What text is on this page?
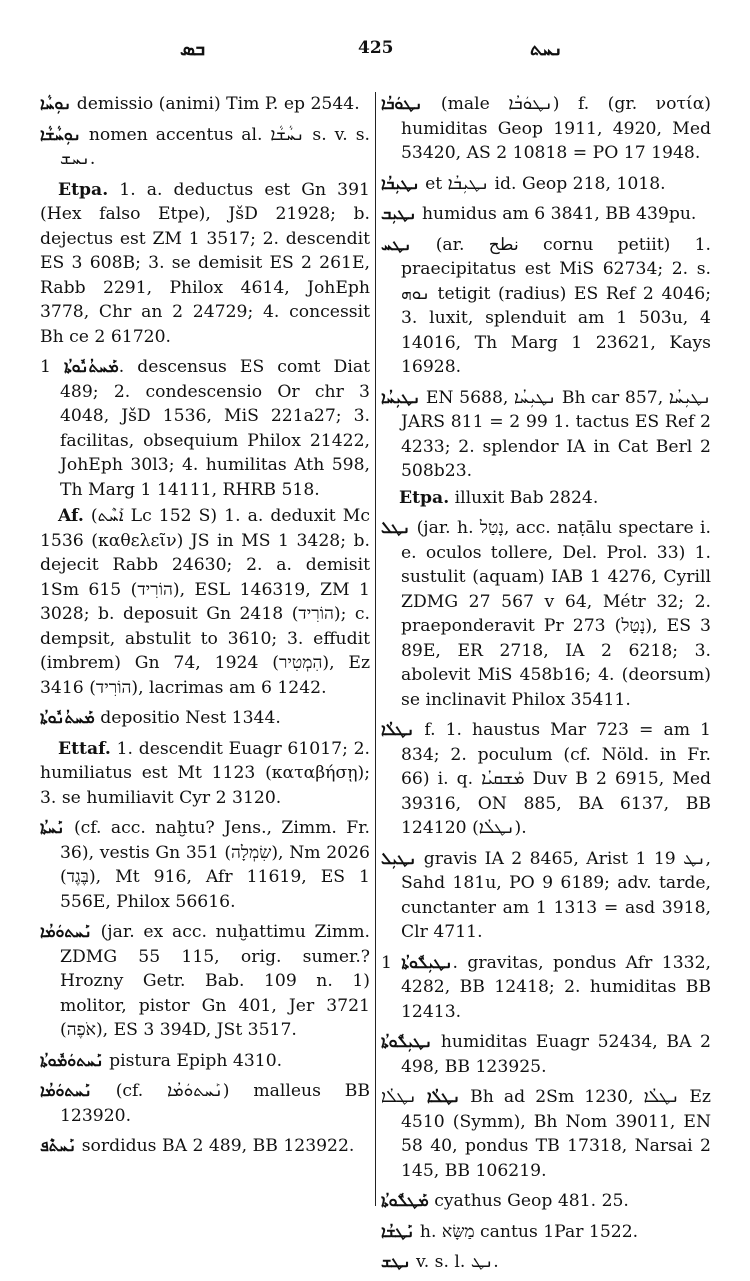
ܒܣ	425	ܢܚܬ

ܢܘܼܚܵܐ demissio (animi) Tim P. ep 2544.

ܢܘܼܚܵܫܵܐ nomen accentus al. ܢܚܵܫܵܐ s. v. s. ܢܚܫ.

Etpa. 1. a. deductus est Gn 391 (Hex falso Etpe), JšD 21928; b. dejectus est ZM 1 3517; 2. descendit ES 3 608B; 3. se demisit ES 2 261E, Rabb 2291, Philox 4614, JohEph 3778, Chr an 2 24729; 4. concessit Bh ce 2 61720.

ܡܰܚܬܳܢܽܘܬܳܐ 1. descensus ES comt Diat 489; 2. condescensio Or chr 3 4048, JšD 1536, MiS 221a27; 3. facilitas, obsequium Philox 21422, JohEph 30l3; 4. humilitas Ath 598, Th Marg 1 14111, RHRB 518.

Af. (ܐܰܚܶܬ Lc 152 S) 1. a. deduxit Mc 1536 (καθελεῖν) JS in MS 1 3428; b. dejecit Rabb 24630; 2. a. demisit 1Sm 615 (הוֹרִיד), ESL 146319, ZM 1 3028; b. deposuit Gn 2418 (הוֹרִיד); c. dempsit, abstulit to 3610; 3. effudit (imbrem) Gn 74, 1924 (הִמְטִיר), Ez 3416 (הוֹרִיד), lacrimas am 6 1242.

ܡܰܚܬܳܢܽܘܬܳܐ depositio Nest 1344.

Ettaf. 1. descendit Euagr 61017; 2. humiliatus est Mt 1123 (καταβήσῃ); 3. se humiliavit Cyr 2 3120.

ܢܰܚܬܳܐ (cf. acc. naḫtu? Jens., Zimm. Fr. 36), vestis Gn 351 (שִׂמְלָה), Nm 2026 (בֶּגֶד), Mt 916, Afr 11619, ES 1 556E, Philox 56616.

ܢܰܚܬܘܿܡܳܐ (jar. ex acc. nuḫattimu Zimm. ZDMG 55 115, orig. sumer.? Hrozny Getr. Bab. 109 n. 1) molitor, pistor Gn 401, Jer 3721 (אֹפֶה), ES 3 394D, JSt 3517.

ܢܰܚܬܘܿܡܽܘܬܳܐ pistura Epiph 4310.

ܢܰܚܬܘܿܡܳܐ (cf. ܢܰܚܬܘܿܡܳܐ) malleus BB 123920.

ܢܰܚܬܶܦ sordidus BA 2 489, BB 123922.

ܢܛܘܿܒܳܐ (male ܢܛܘܿܒܳܐ) f. (gr. νοτία) humiditas Geop 1911, 4920, Med 53420, AS 2 10818 = PO 17 1948.

ܢܛܝܼܒܳܐ et ܢܛܝܼܒܳܐ id. Geop 218, 1018.

ܢܛܝܼܒ humidus am 6 3841, BB 439pu.

ܢܛܚ (ar. نطح cornu petiit) 1. praecipitatus est MiS 62734; 2. s. ܢܘܗ tetigit (radius) ES Ref 2 4046; 3. luxit, splenduit am 1 503u, 4 14016, Th Marg 1 23621, Kays 16928.

ܢܛܝܼܚܳܐ EN 5688, ܢܛܝܼܚܳܐ Bh car 857, ܢܛܝܼܚܳܐ JARS 811 = 2 99 1. tactus ES Ref 2 4233; 2. splendor IA in Cat Berl 2 508b23.

Etpa. illuxit Bab 2824.

ܢܛܠ (jar. h. נָטַל, acc. naṭālu spectare i. e. oculos tollere, Del. Prol. 33) 1. sustulit (aquam) IAB 1 4276, Cyrill ZDMG 27 567 v 64, Métr 32; 2. praeponderavit Pr 273 (נָטַל), ES 3 89E, ER 2718, IA 2 6218; 3. abolevit MiS 458b16; 4. (deorsum) se inclinavit Philox 35411.

ܢܛܠܳܐ f. 1. haustus Mar 723 = am 1 834; 2. poculum (cf. Nöld. in Fr. 66) i. q. ܡܰܫܩܝܳܐ Duv B 2 6915, Med 39316, ON 885, BA 6137, BB 124120 (ܢܛܠܳܐ).

ܢܛܝܼܠ gravis IA 2 8465, Arist 1 ܢܛ 19, Sahd 181u, PO 9 6189; adv. tarde, cunctanter am 1 1313 = asd 3918, Clr 4711.

ܢܛܝܼܠܽܘܬܳܐ 1. gravitas, pondus Afr 1332, 4282, BB 12418; 2. humiditas BB 12413.

ܢܛܝܼܠܽܘܬܳܐ humiditas Euagr 52434, BA 2 498, BB 123925.

ܢܛܠܳܐ ܢܛܠܳܐ Bh ad 2Sm 1230, ܢܛܠܳܐ Ez 4510 (Symm), Bh Nom 39011, EN 58 40, pondus TB 17318, Narsai 2 145, BB 106219.

ܡܰܛܠܽܘܬܳܐ cyathus Geop 481. 25.

ܢܰܛܫܳܐ h. מַשָּׂא cantus 1Par 1522.

ܢܛܫ v. s. l. ܢܛ.
